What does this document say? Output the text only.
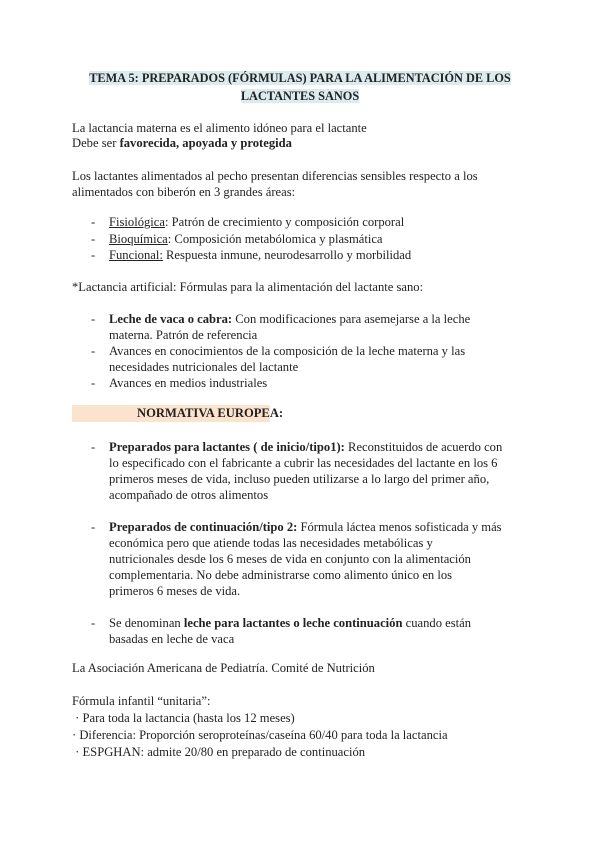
TEMA 5: PREPARADOS (FÓRMULAS) PARA LA ALIMENTACIÓN DE LOS
LACTANTES SANOS
La lactancia materna es el alimento idóneo para el lactante
Debe ser favorecida, apoyada y protegida
Los lactantes alimentados al pecho presentan diferencias sensibles respecto a los
alimentados con biberón en 3 grandes áreas:
- Fisiológica: Patrón de crecimiento y composición corporal
- Bioquímica: Composición metabólomica y plasmática
- Funcional: Respuesta inmune, neurodesarrollo y morbilidad
*Lactancia artificial: Fórmulas para la alimentación del lactante sano:
- Leche de vaca o cabra: Con modificaciones para asemejarse a la leche
materna. Patrón de referencia
- Avances en conocimientos de la composición de la leche materna y las
necesidades nutricionales del lactante
- Avances en medios industriales
NORMATIVA EUROPEA:
- Preparados para lactantes ( de inicio/tipo1): Reconstituidos de acuerdo con
lo especificado con el fabricante a cubrir las necesidades del lactante en los 6
primeros meses de vida, incluso pueden utilizarse a lo largo del primer año,
acompañado de otros alimentos
- Preparados de continuación/tipo 2: Fórmula láctea menos sofisticada y más
económica pero que atiende todas las necesidades metabólicas y
nutricionales desde los 6 meses de vida en conjunto con la alimentación
complementaria. No debe administrarse como alimento único en los
primeros 6 meses de vida.
- Se denominan leche para lactantes o leche continuación cuando están
basadas en leche de vaca
La Asociación Americana de Pediatría. Comité de Nutrición
Fórmula infantil “unitaria”:
· Para toda la lactancia (hasta los 12 meses)
· Diferencia: Proporción seroproteínas/caseína 60/40 para toda la lactancia
· ESPGHAN: admite 20/80 en preparado de continuación
